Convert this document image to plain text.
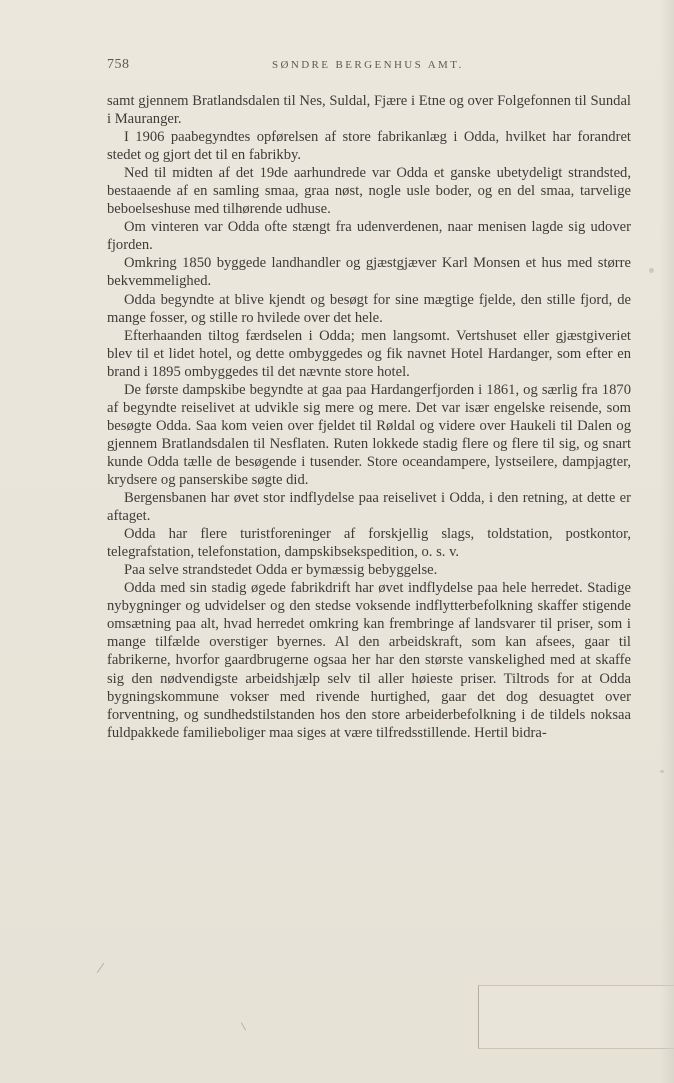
758	SØNDRE BERGENHUS AMT.

samt gjennem Bratlandsdalen til Nes, Suldal, Fjære i Etne og over Folgefonnen til Sundal i Mauranger.

I 1906 paabegyndtes opførelsen af store fabrikanlæg i Odda, hvilket har forandret stedet og gjort det til en fabrikby.

Ned til midten af det 19de aarhundrede var Odda et ganske ubetydeligt strandsted, bestaaende af en samling smaa, graa nøst, nogle usle boder, og en del smaa, tarvelige beboelseshuse med tilhørende udhuse.

Om vinteren var Odda ofte stængt fra udenverdenen, naar menisen lagde sig udover fjorden.

Omkring 1850 byggede landhandler og gjæstgjæver Karl Monsen et hus med større bekvemmelighed.

Odda begyndte at blive kjendt og besøgt for sine mægtige fjelde, den stille fjord, de mange fosser, og stille ro hvilede over det hele.

Efterhaanden tiltog færdselen i Odda; men langsomt. Vertshuset eller gjæstgiveriet blev til et lidet hotel, og dette ombyggedes og fik navnet Hotel Hardanger, som efter en brand i 1895 ombyggedes til det nævnte store hotel.

De første dampskibe begyndte at gaa paa Hardangerfjorden i 1861, og særlig fra 1870 af begyndte reiselivet at udvikle sig mere og mere. Det var især engelske reisende, som besøgte Odda. Saa kom veien over fjeldet til Røldal og videre over Haukeli til Dalen og gjennem Bratlandsdalen til Nesflaten. Ruten lokkede stadig flere og flere til sig, og snart kunde Odda tælle de besøgende i tusender. Store oceandampere, lystseilere, dampjagter, krydsere og panserskibe søgte did.

Bergensbanen har øvet stor indflydelse paa reiselivet i Odda, i den retning, at dette er aftaget.

Odda har flere turistforeninger af forskjellig slags, toldstation, postkontor, telegrafstation, telefonstation, dampskibsekspedition, o. s. v.

Paa selve strandstedet Odda er bymæssig bebyggelse.

Odda med sin stadig øgede fabrikdrift har øvet indflydelse paa hele herredet. Stadige nybygninger og udvidelser og den stedse voksende indflytterbefolkning skaffer stigende omsætning paa alt, hvad herredet omkring kan frembringe af landsvarer til priser, som i mange tilfælde overstiger byernes. Al den arbeidskraft, som kan afsees, gaar til fabrikerne, hvorfor gaardbrugerne ogsaa her har den største vanskelighed med at skaffe sig den nødvendigste arbeidshjælp selv til aller høieste priser. Tiltrods for at Odda bygningskommune vokser med rivende hurtighed, gaar det dog desuagtet over forventning, og sundhedstilstanden hos den store arbeiderbefolkning i de tildels noksaa fuldpakkede familieboliger maa siges at være tilfredsstillende. Hertil bidra-
